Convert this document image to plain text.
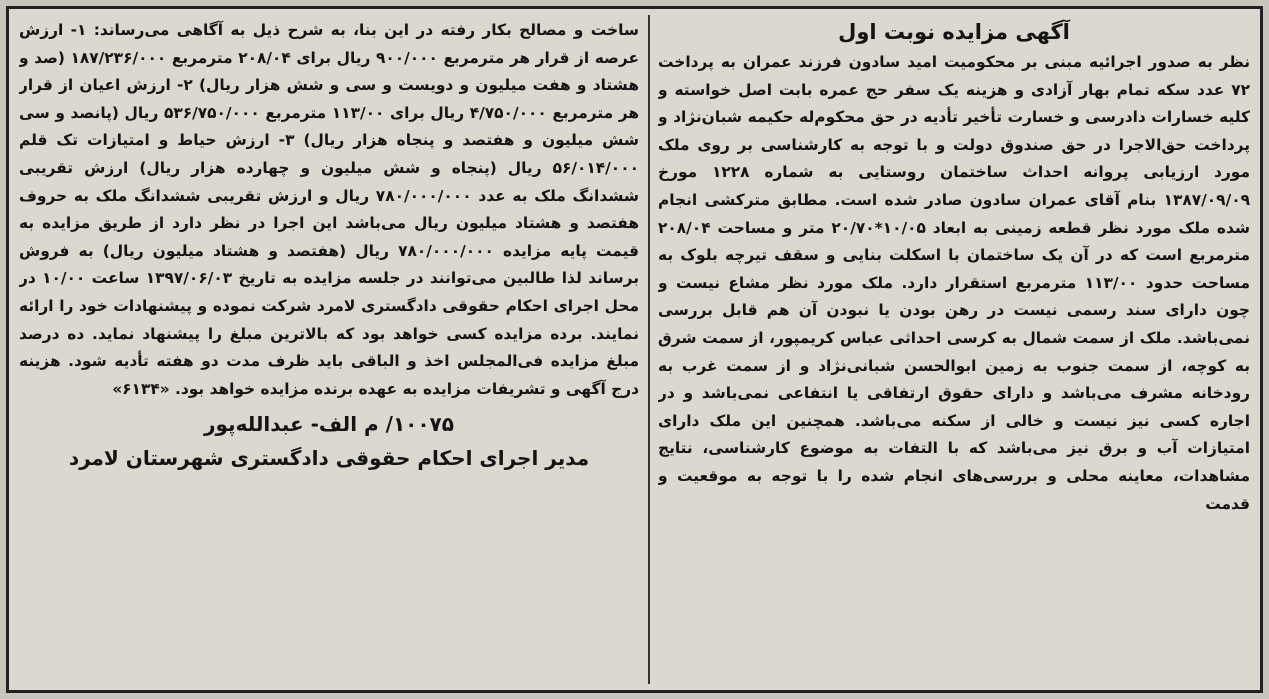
آگهی مزایده نوبت اول

نظر به صدور اجرائیه مبنی بر محکومیت امید سادون فرزند عمران به پرداخت ۷۲ عدد سکه تمام بهار آزادی و هزینه یک سفر حج عمره بابت اصل خواسته و کلیه خسارات دادرسی و خسارت تأخیر تأدیه در حق محکوم‌له حکیمه شبان‌نژاد و پرداخت حق‌الاجرا در حق صندوق دولت و با توجه به کارشناسی بر روی ملک مورد ارزیابی پروانه احداث ساختمان روستایی به شماره ۱۲۲۸ مورخ ۱۳۸۷/۰۹/۰۹ بنام آقای عمران سادون صادر شده است. مطابق مترکشی انجام شده ملک مورد نظر قطعه زمینی به ابعاد ۱۰/۰۵*۲۰/۷۰ متر و مساحت ۲۰۸/۰۴ مترمربع است که در آن یک ساختمان با اسکلت بنایی و سقف تیرچه بلوک به مساحت حدود ۱۱۳/۰۰ مترمربع استقرار دارد. ملک مورد نظر مشاع نیست و چون دارای سند رسمی نیست در رهن بودن یا نبودن آن هم قابل بررسی نمی‌باشد. ملک از سمت شمال به کرسی احداثی عباس کریمپور، از سمت شرق به کوچه، از سمت جنوب به زمین ابوالحسن شبانی‌نژاد و از سمت غرب به رودخانه مشرف می‌باشد و دارای حقوق ارتفاقی یا انتفاعی نمی‌باشد و در اجاره کسی نیز نیست و خالی از سکنه می‌باشد. همچنین این ملک دارای امتیازات آب و برق نیز می‌باشد که با التفات به موضوع کارشناسی، نتایج مشاهدات، معاینه محلی و بررسی‌های انجام شده را با توجه به موقعیت و قدمت

ساخت و مصالح بکار رفته در این بنا، به شرح ذیل به آگاهی می‌رساند: ۱- ارزش عرصه از قرار هر مترمربع ۹۰۰/۰۰۰ ریال برای ۲۰۸/۰۴ مترمربع ۱۸۷/۲۳۶/۰۰۰ (صد و هشتاد و هفت میلیون و دویست و سی و شش هزار ریال) ۲- ارزش اعیان از قرار هر مترمربع ۴/۷۵۰/۰۰۰ ریال برای ۱۱۳/۰۰ مترمربع ۵۳۶/۷۵۰/۰۰۰ ریال (پانصد و سی شش میلیون و هفتصد و پنجاه هزار ریال) ۳- ارزش حیاط و امتیازات تک قلم ۵۶/۰۱۴/۰۰۰ ریال (پنجاه و شش میلیون و چهارده هزار ریال) ارزش تقریبی ششدانگ ملک به عدد ۷۸۰/۰۰۰/۰۰۰ ریال و ارزش تقریبی ششدانگ ملک به حروف هفتصد و هشتاد میلیون ریال می‌باشد این اجرا در نظر دارد از طریق مزایده به قیمت پایه مزایده ۷۸۰/۰۰۰/۰۰۰ ریال (هفتصد و هشتاد میلیون ریال) به فروش برساند لذا طالبین می‌توانند در جلسه مزایده به تاریخ ۱۳۹۷/۰۶/۰۳ ساعت ۱۰/۰۰ در محل اجرای احکام حقوقی دادگستری لامرد شرکت نموده و پیشنهادات خود را ارائه نمایند. برده مزایده کسی خواهد بود که بالاترین مبلغ را پیشنهاد نماید. ده درصد مبلغ مزایده فی‌المجلس اخذ و الباقی باید ظرف مدت دو هفته تأدیه شود. هزینه درج آگهی و تشریفات مزایده به عهده برنده مزایده خواهد بود. «۶۱۳۴»

۱۰۰۷۵/ م الف- عبدالله‌پور
مدیر اجرای احکام حقوقی دادگستری شهرستان لامرد
